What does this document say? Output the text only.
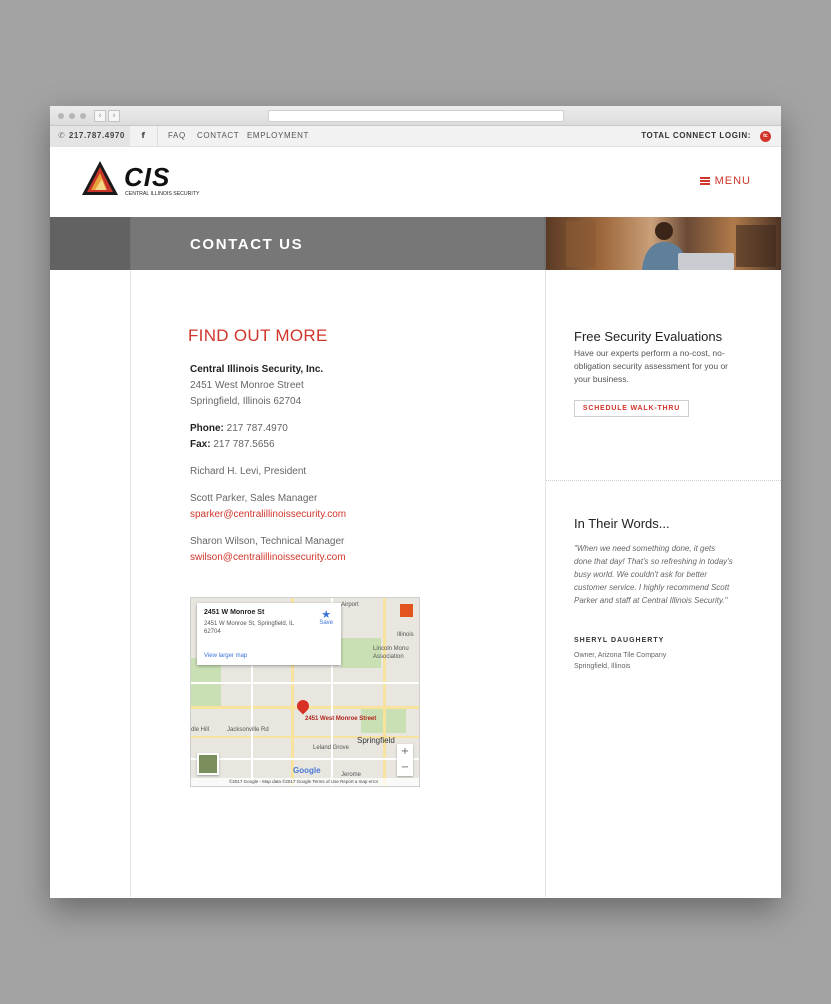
‹	›
✆ 217.787.4970	f	FAQ CONTACT EMPLOYMENT	TOTAL CONNECT LOGIN:	tc
CIS
CENTRAL ILLINOIS SECURITY
MENU
CONTACT US
FIND OUT MORE
Central Illinois Security, Inc.
2451 West Monroe Street
Springfield, Illinois 62704
Phone: 217 787.4970
Fax: 217 787.5656
Richard H. Levi, President
Scott Parker, Sales Manager
sparker@centralillinoissecurity.com
Sharon Wilson, Technical Manager
swilson@centralillinoissecurity.com
Airport
Lincoln Monu
Association
Leland Grove
Jerome
Illinois
dle Hill	Jacksonville Rd
2451 W Monroe St
2451 W Monroe St, Springfield, IL 62704
★
Save
View larger map
2451 West Monroe Street
Springfield
+
−
Google
©2017 Google - Map data ©2017 Google Terms of Use Report a map error
Free Security Evaluations
Have our experts perform a no-cost, no-obligation security assessment for you or your business.
SCHEDULE WALK-THRU
In Their Words...
"When we need something done, it gets done that day! That's so refreshing in today's busy world. We couldn't ask for better customer service. I highly recommend Scott Parker and staff at Central Illinois Security."
SHERYL DAUGHERTY
Owner, Arizona Tile Company
Springfield, Illinois
